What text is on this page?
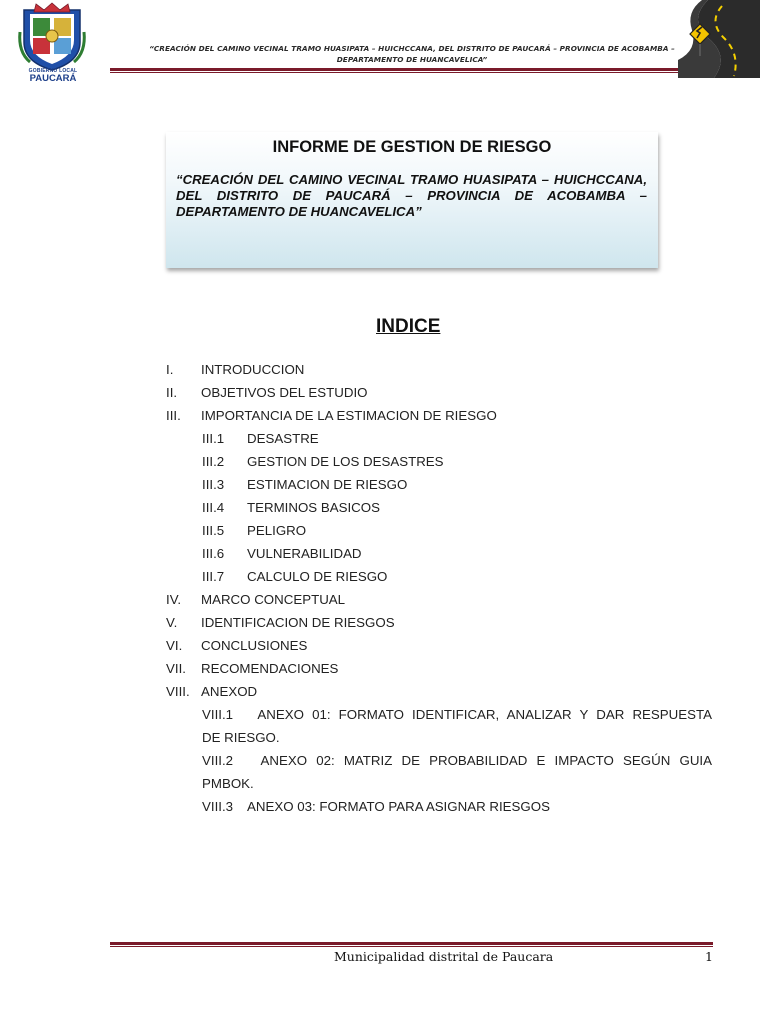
GOBIERNO LOCAL
PAUCARÁ
“CREACIÓN DEL CAMINO VECINAL TRAMO HUASIPATA – HUICHCCANA, DEL DISTRITO DE PAUCARÁ – PROVINCIA DE ACOBAMBA –
DEPARTAMENTO DE HUANCAVELICA”
INFORME DE GESTION DE RIESGO
“CREACIÓN DEL CAMINO VECINAL TRAMO HUASIPATA – HUICHCCANA, DEL DISTRITO DE PAUCARÁ – PROVINCIA DE ACOBAMBA – DEPARTAMENTO DE HUANCAVELICA”
INDICE
I. INTRODUCCION
II. OBJETIVOS DEL ESTUDIO
III. IMPORTANCIA DE LA ESTIMACION DE RIESGO
III.1 DESASTRE
III.2 GESTION DE LOS DESASTRES
III.3 ESTIMACION DE RIESGO
III.4 TERMINOS BASICOS
III.5 PELIGRO
III.6 VULNERABILIDAD
III.7 CALCULO DE RIESGO
IV. MARCO CONCEPTUAL
V. IDENTIFICACION DE RIESGOS
VI. CONCLUSIONES
VII. RECOMENDACIONES
VIII. ANEXOD
VIII.1 ANEXO 01: FORMATO IDENTIFICAR, ANALIZAR Y DAR RESPUESTA
DE RIESGO.
VIII.2 ANEXO 02: MATRIZ DE PROBABILIDAD E IMPACTO SEGÚN GUIA
PMBOK.
VIII.3 ANEXO 03: FORMATO PARA ASIGNAR RIESGOS
Municipalidad distrital de Paucara	1
